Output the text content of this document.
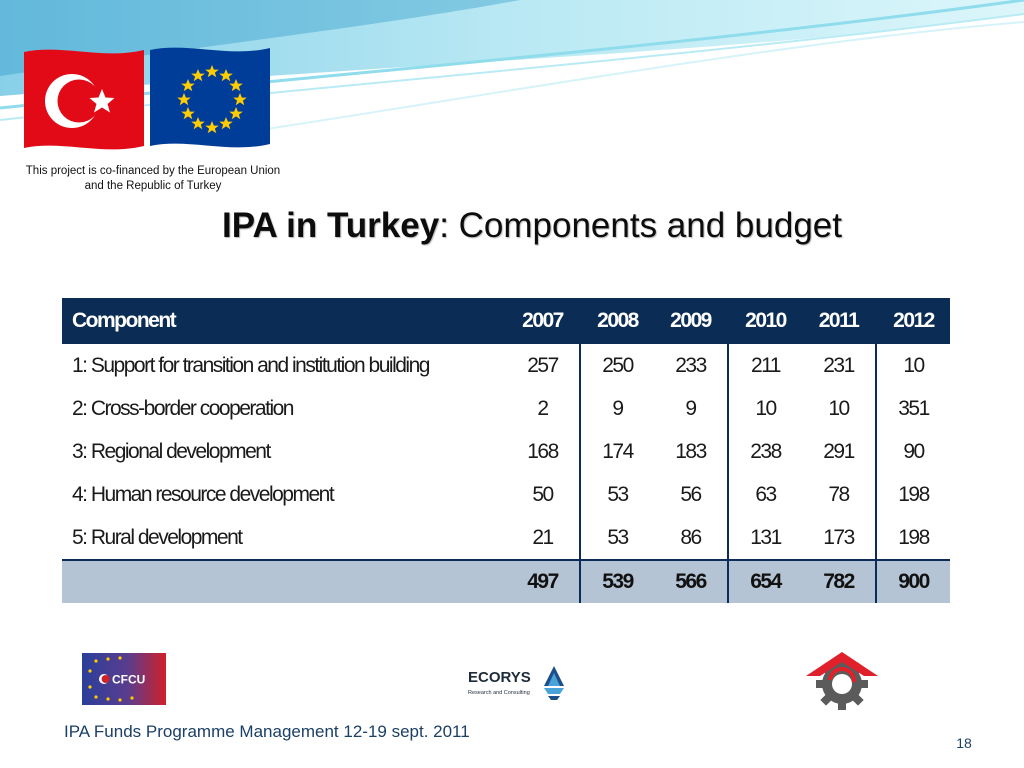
This project is co-financed by the European Union and the Republic of Turkey
IPA in Turkey: Components and budget
Component	2007	2008	2009	2010	2011	2012
1: Support for transition and institution building	257	250	233	211	231	10
2: Cross-border cooperation	2	9	9	10	10	351
3: Regional development	168	174	183	238	291	90
4: Human resource development	50	53	56	63	78	198
5: Rural development	21	53	86	131	173	198
	497	539	566	654	782	900
CFCU	ECORYS
Research and Consulting
IPA Funds Programme Management 12-19 sept. 2011
18
